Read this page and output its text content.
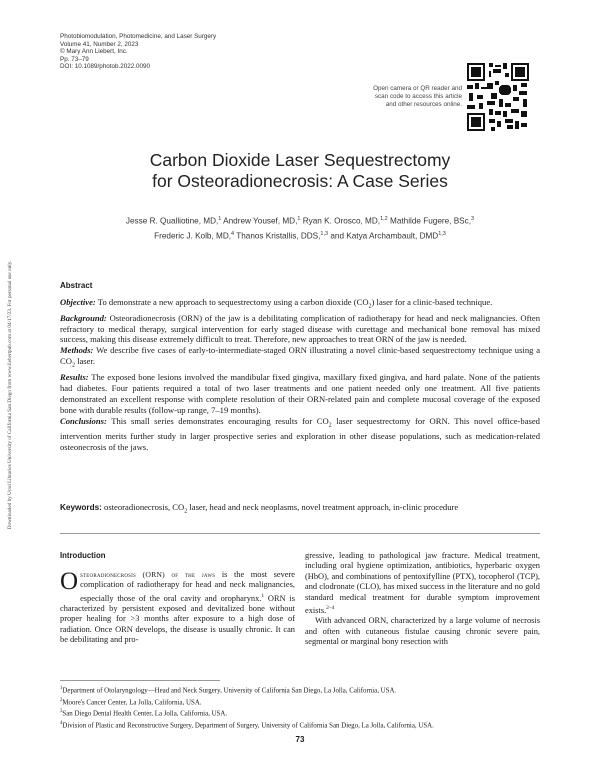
Downloaded by Ucsd Libraries University of California San Diego from www.liebertpub.com at 04/17/23. For personal use only.
Photobiomodulation, Photomedicine, and Laser Surgery
Volume 41, Number 2, 2023
© Mary Ann Liebert, Inc.
Pp. 73–79
DOI: 10.1089/photob.2022.0090
Open camera or QR reader and
scan code to access this article
and other resources online.
Carbon Dioxide Laser Sequestrectomy
for Osteoradionecrosis: A Case Series
Jesse R. Qualliotine, MD,$^1$ Andrew Yousef, MD,$^1$ Ryan K. Orosco, MD,$^{1,2}$ Mathilde Fugere, BSc,$^3$
Frederic J. Kolb, MD,$^4$ Thanos Kristallis, DDS,$^{1,3}$ and Katya Archambault, DMD$^{1,3}$
Abstract

Objective: To demonstrate a new approach to sequestrectomy using a carbon dioxide $(CO_2)$ laser for a clinic-based technique.

Background: Osteoradionecrosis (ORN) of the jaw is a debilitating complication of radiotherapy for head and neck malignancies. Often refractory to medical therapy, surgical intervention for early staged disease with curettage and mechanical bone removal has mixed success, making this disease extremely difficult to treat. Therefore, new approaches to treat ORN of the jaw is needed.

Methods: We describe five cases of early-to-intermediate-staged ORN illustrating a novel clinic-based sequestrectomy technique using a $CO_2$ laser.

Results: The exposed bone lesions involved the mandibular fixed gingiva, maxillary fixed gingiva, and hard palate. None of the patients had diabetes. Four patients required a total of two laser treatments and one patient needed only one treatment. All five patients demonstrated an excellent response with complete resolution of their ORN-related pain and complete mucosal coverage of the exposed bone with durable results (follow-up range, 7–19 months).

Conclusions: This small series demonstrates encouraging results for $CO_2$ laser sequestrectomy for ORN. This novel office-based intervention merits further study in larger prospective series and exploration in other disease populations, such as medication-related osteonecrosis of the jaws.

Keywords: osteoradionecrosis, $CO_2$ laser, head and neck neoplasms, novel treatment approach, in-clinic procedure
Introduction

Osteoradionecrosis (ORN) of the jaws is the most severe complication of radiotherapy for head and neck malignancies, especially those of the oral cavity and oropharynx.$^1$ ORN is characterized by persistent exposed and devitalized bone without proper healing for >3 months after exposure to a high dose of radiation. Once ORN develops, the disease is usually chronic. It can be debilitating and pro-

gressive, leading to pathological jaw fracture. Medical treatment, including oral hygiene optimization, antibiotics, hyperbaric oxygen (HbO), and combinations of pentoxifylline (PTX), tocopherol (TCP), and clodronate (CLO), has mixed success in the literature and no gold standard medical treatment for durable symptom improvement exists.$^{2-4}$

With advanced ORN, characterized by a large volume of necrosis and often with cutaneous fistulae causing chronic severe pain, segmental or marginal bony resection with

$^1$Department of Otolaryngology—Head and Neck Surgery, University of California San Diego, La Jolla, California, USA.
$^2$Moore's Cancer Center, La Jolla, California, USA.
$^3$San Diego Dental Health Center, La Jolla, California, USA.
$^4$Division of Plastic and Reconstructive Surgery, Department of Surgery, University of California San Diego, La Jolla, California, USA.
73
